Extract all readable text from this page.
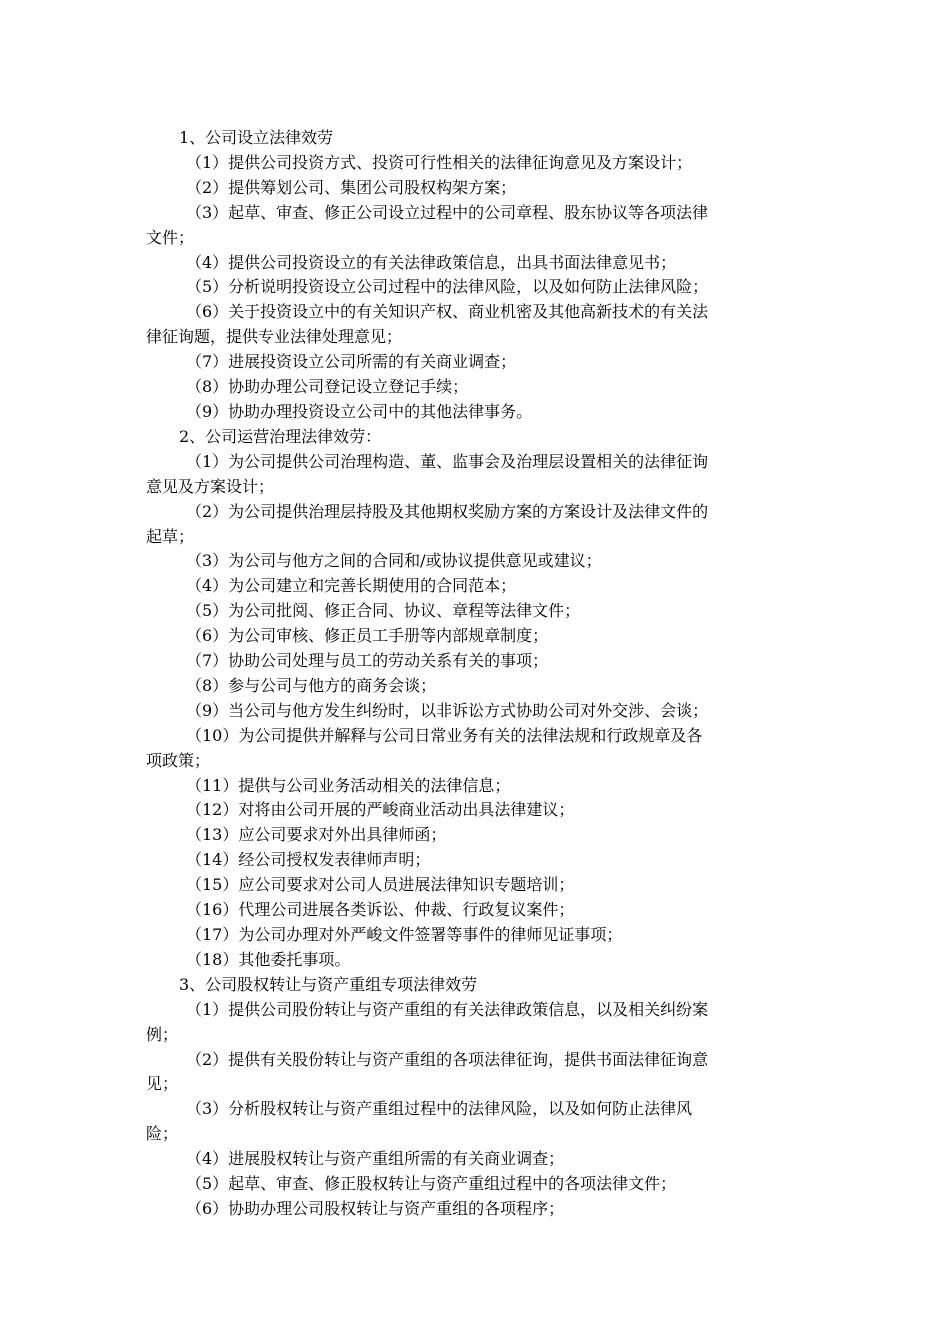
1、公司设立法律效劳

（1）提供公司投资方式、投资可行性相关的法律征询意见及方案设计；

（2）提供筹划公司、集团公司股权构架方案；

（3）起草、审查、修正公司设立过程中的公司章程、股东协议等各项法律

文件；

（4）提供公司投资设立的有关法律政策信息，出具书面法律意见书；

（5）分析说明投资设立公司过程中的法律风险，以及如何防止法律风险；

（6）关于投资设立中的有关知识产权、商业机密及其他高新技术的有关法

律征询题，提供专业法律处理意见；

（7）进展投资设立公司所需的有关商业调查；

（8）协助办理公司登记设立登记手续；

（9）协助办理投资设立公司中的其他法律事务。

2、公司运营治理法律效劳：

（1）为公司提供公司治理构造、董、监事会及治理层设置相关的法律征询

意见及方案设计；

（2）为公司提供治理层持股及其他期权奖励方案的方案设计及法律文件的

起草；

（3）为公司与他方之间的合同和/或协议提供意见或建议；

（4）为公司建立和完善长期使用的合同范本；

（5）为公司批阅、修正合同、协议、章程等法律文件；

（6）为公司审核、修正员工手册等内部规章制度；

（7）协助公司处理与员工的劳动关系有关的事项；

（8）参与公司与他方的商务会谈；

（9）当公司与他方发生纠纷时，以非诉讼方式协助公司对外交涉、会谈；

（10）为公司提供并解释与公司日常业务有关的法律法规和行政规章及各

项政策；

（11）提供与公司业务活动相关的法律信息；

（12）对将由公司开展的严峻商业活动出具法律建议；

（13）应公司要求对外出具律师函；

（14）经公司授权发表律师声明；

（15）应公司要求对公司人员进展法律知识专题培训；

（16）代理公司进展各类诉讼、仲裁、行政复议案件；

（17）为公司办理对外严峻文件签署等事件的律师见证事项；

（18）其他委托事项。

3、公司股权转让与资产重组专项法律效劳

（1）提供公司股份转让与资产重组的有关法律政策信息，以及相关纠纷案

例；

（2）提供有关股份转让与资产重组的各项法律征询，提供书面法律征询意

见；

（3）分析股权转让与资产重组过程中的法律风险，以及如何防止法律风

险；

（4）进展股权转让与资产重组所需的有关商业调查；

（5）起草、审查、修正股权转让与资产重组过程中的各项法律文件；

（6）协助办理公司股权转让与资产重组的各项程序；
